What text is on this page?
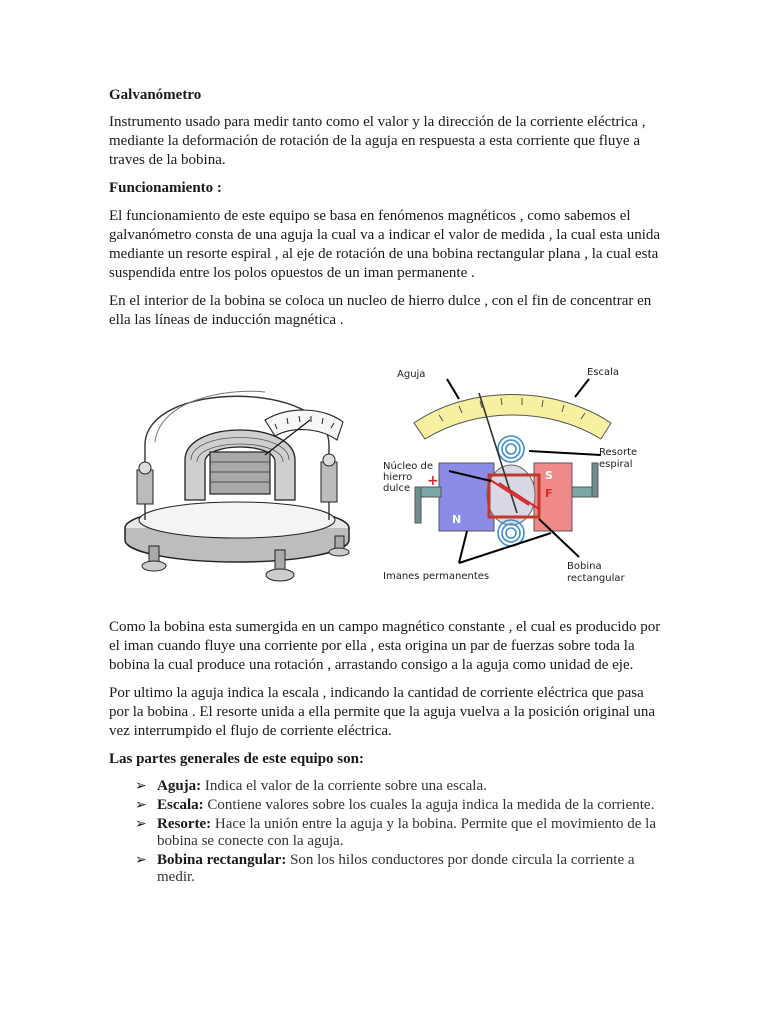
Galvanómetro

Instrumento usado para medir tanto como el valor y la dirección de la corriente eléctrica , mediante la deformación de rotación de la aguja en respuesta a esta corriente que fluye a traves de la bobina.

Funcionamiento :

El funcionamiento de este equipo se basa en fenómenos magnéticos , como sabemos el galvanómetro consta de una aguja la cual va a indicar el valor de medida , la cual esta unida mediante un resorte espiral , al eje de rotación de una bobina rectangular plana , la cual esta suspendida entre los polos opuestos de un iman permanente .

En el interior de la bobina se coloca un nucleo de hierro dulce , con el fin de concentrar en ella las líneas de inducción magnética .

N
S
F
+
Aguja	Escala
Resorte
espiral
Núcleo de
hierro
dulce
Imanes permanentes
Bobina
rectangular

Como la bobina esta sumergida en un campo magnético constante , el cual es producido por el iman cuando fluye una corriente por ella , esta origina un par de fuerzas sobre toda la bobina la cual produce una rotación , arrastando consigo a la aguja como unidad de eje.

Por ultimo la aguja indica la escala , indicando la cantidad de corriente eléctrica que pasa por la bobina . El resorte unida a ella permite que la aguja vuelva a la posición original una vez interrumpido el flujo de corriente eléctrica.

Las partes generales de este equipo son:

➢ Aguja: Indica el valor de la corriente sobre una escala.
➢ Escala: Contiene valores sobre los cuales la aguja indica la medida de la corriente.
➢ Resorte: Hace la unión entre la aguja y la bobina. Permite que el movimiento de la bobina se conecte con la aguja.
➢ Bobina rectangular: Son los hilos conductores por donde circula la corriente a medir.
